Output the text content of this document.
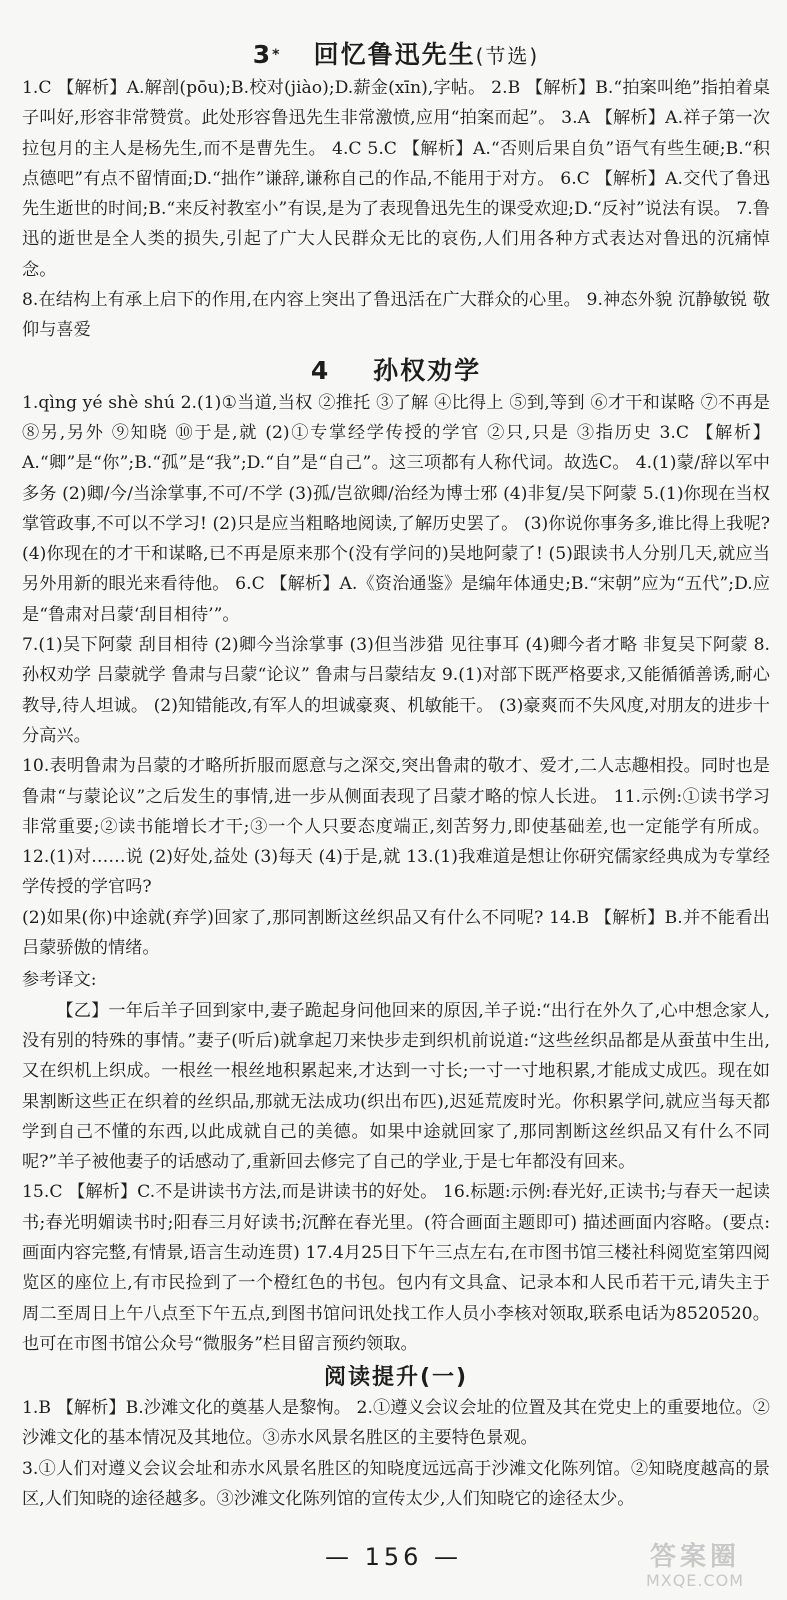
3* 回忆鲁迅先生(节选)

1.C 【解析】A.解剖(pōu);B.校对(jiào);D.薪金(xīn),字帖。 2.B 【解析】B.“拍案叫绝”指拍着桌子叫好,形容非常赞赏。此处形容鲁迅先生非常激愤,应用“拍案而起”。 3.A 【解析】A.祥子第一次拉包月的主人是杨先生,而不是曹先生。 4.C 5.C 【解析】A.“否则后果自负”语气有些生硬;B.“积点德吧”有点不留情面;D.“拙作”谦辞,谦称自己的作品,不能用于对方。 6.C 【解析】A.交代了鲁迅先生逝世的时间;B.“来反衬教室小”有误,是为了表现鲁迅先生的课受欢迎;D.“反衬”说法有误。 7.鲁迅的逝世是全人类的损失,引起了广大人民群众无比的哀伤,人们用各种方式表达对鲁迅的沉痛悼念。

8.在结构上有承上启下的作用,在内容上突出了鲁迅活在广大群众的心里。 9.神态外貌 沉静敏锐 敬仰与喜爱

4 孙权劝学

1.qìng yé shè shú 2.(1)①当道,当权 ②推托 ③了解 ④比得上 ⑤到,等到 ⑥才干和谋略 ⑦不再是 ⑧另,另外 ⑨知晓 ⑩于是,就 (2)①专掌经学传授的学官 ②只,只是 ③指历史 3.C 【解析】A.“卿”是“你”;B.“孤”是“我”;D.“自”是“自己”。这三项都有人称代词。故选C。 4.(1)蒙/辞以军中多务 (2)卿/今/当涂掌事,不可/不学 (3)孤/岂欲卿/治经为博士邪 (4)非复/吴下阿蒙 5.(1)你现在当权掌管政事,不可以不学习! (2)只是应当粗略地阅读,了解历史罢了。 (3)你说你事务多,谁比得上我呢? (4)你现在的才干和谋略,已不再是原来那个(没有学问的)吴地阿蒙了! (5)跟读书人分别几天,就应当另外用新的眼光来看待他。 6.C 【解析】A.《资治通鉴》是编年体通史;B.“宋朝”应为“五代”;D.应是“鲁肃对吕蒙‘刮目相待’”。

7.(1)吴下阿蒙 刮目相待 (2)卿今当涂掌事 (3)但当涉猎 见往事耳 (4)卿今者才略 非复吴下阿蒙 8.孙权劝学 吕蒙就学 鲁肃与吕蒙“论议” 鲁肃与吕蒙结友 9.(1)对部下既严格要求,又能循循善诱,耐心教导,待人坦诚。 (2)知错能改,有军人的坦诚豪爽、机敏能干。 (3)豪爽而不失风度,对朋友的进步十分高兴。

10.表明鲁肃为吕蒙的才略所折服而愿意与之深交,突出鲁肃的敬才、爱才,二人志趣相投。同时也是鲁肃“与蒙论议”之后发生的事情,进一步从侧面表现了吕蒙才略的惊人长进。 11.示例:①读书学习非常重要;②读书能增长才干;③一个人只要态度端正,刻苦努力,即使基础差,也一定能学有所成。 12.(1)对……说 (2)好处,益处 (3)每天 (4)于是,就 13.(1)我难道是想让你研究儒家经典成为专掌经学传授的学官吗?

(2)如果(你)中途就(弃学)回家了,那同割断这丝织品又有什么不同呢? 14.B 【解析】B.并不能看出吕蒙骄傲的情绪。

参考译文:

【乙】一年后羊子回到家中,妻子跪起身问他回来的原因,羊子说:“出行在外久了,心中想念家人,没有别的特殊的事情。”妻子(听后)就拿起刀来快步走到织机前说道:“这些丝织品都是从蚕茧中生出,又在织机上织成。一根丝一根丝地积累起来,才达到一寸长;一寸一寸地积累,才能成丈成匹。现在如果割断这些正在织着的丝织品,那就无法成功(织出布匹),迟延荒废时光。你积累学问,就应当每天都学到自己不懂的东西,以此成就自己的美德。如果中途就回家了,那同割断这丝织品又有什么不同呢?”羊子被他妻子的话感动了,重新回去修完了自己的学业,于是七年都没有回来。

15.C 【解析】C.不是讲读书方法,而是讲读书的好处。 16.标题:示例:春光好,正读书;与春天一起读书;春光明媚读书时;阳春三月好读书;沉醉在春光里。(符合画面主题即可) 描述画面内容略。(要点:画面内容完整,有情景,语言生动连贯) 17.4月25日下午三点左右,在市图书馆三楼社科阅览室第四阅览区的座位上,有市民捡到了一个橙红色的书包。包内有文具盒、记录本和人民币若干元,请失主于周二至周日上午八点至下午五点,到图书馆问讯处找工作人员小李核对领取,联系电话为8520520。也可在市图书馆公众号“微服务”栏目留言预约领取。

阅读提升(一)

1.B 【解析】B.沙滩文化的奠基人是黎恂。 2.①遵义会议会址的位置及其在党史上的重要地位。②沙滩文化的基本情况及其地位。③赤水风景名胜区的主要特色景观。

3.①人们对遵义会议会址和赤水风景名胜区的知晓度远远高于沙滩文化陈列馆。②知晓度越高的景区,人们知晓的途径越多。③沙滩文化陈列馆的宣传太少,人们知晓它的途径太少。

— 156 —	答案圈
MXQE.COM
